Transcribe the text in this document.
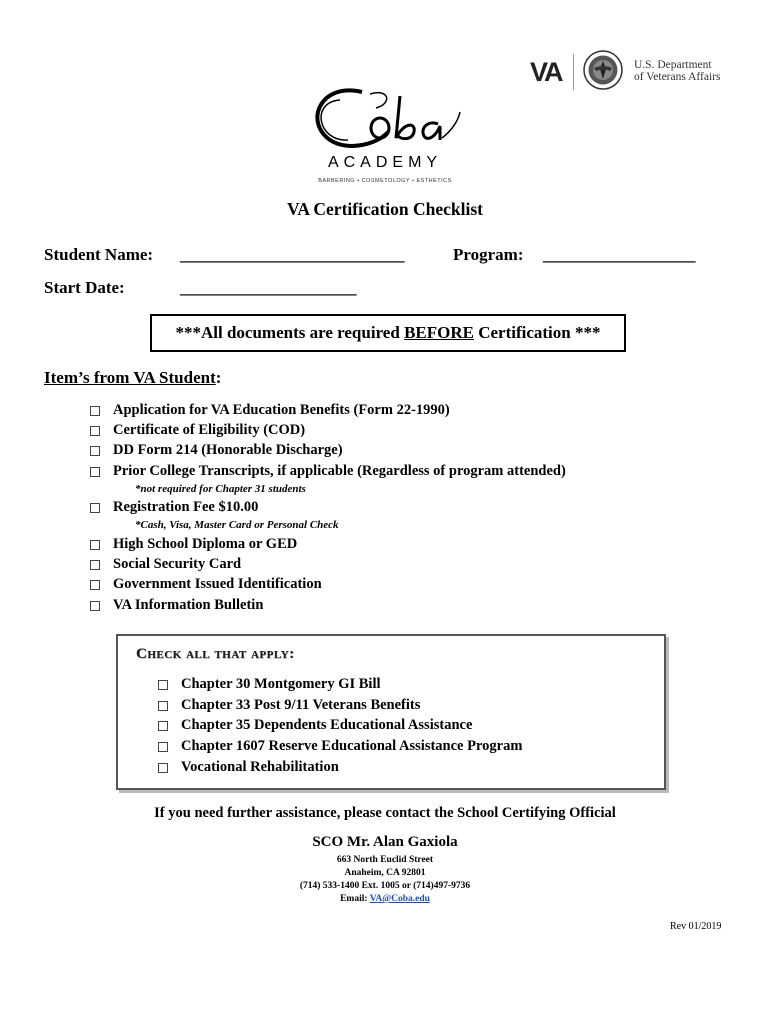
VA	U.S. Department
of Veterans Affairs
ACADEMY
BARBERING • COSMETOLOGY • ESTHETICS
VA Certification Checklist
Student Name: ____________________________	Program: ___________________
Start Date:	______________________
***All documents are required BEFORE Certification ***
Item’s from VA Student:
Application for VA Education Benefits (Form 22-1990)
Certificate of Eligibility (COD)
DD Form 214 (Honorable Discharge)
Prior College Transcripts, if applicable (Regardless of program attended)
*not required for Chapter 31 students
Registration Fee $10.00
*Cash, Visa, Master Card or Personal Check
High School Diploma or GED
Social Security Card
Government Issued Identification
VA Information Bulletin
Check all that apply:
Chapter 30 Montgomery GI Bill
Chapter 33 Post 9/11 Veterans Benefits
Chapter 35 Dependents Educational Assistance
Chapter 1607 Reserve Educational Assistance Program
Vocational Rehabilitation
If you need further assistance, please contact the School Certifying Official
SCO Mr. Alan Gaxiola
663 North Euclid Street
Anaheim, CA 92801
(714) 533-1400 Ext. 1005 or (714)497-9736
Email: VA@Coba.edu
Rev 01/2019
